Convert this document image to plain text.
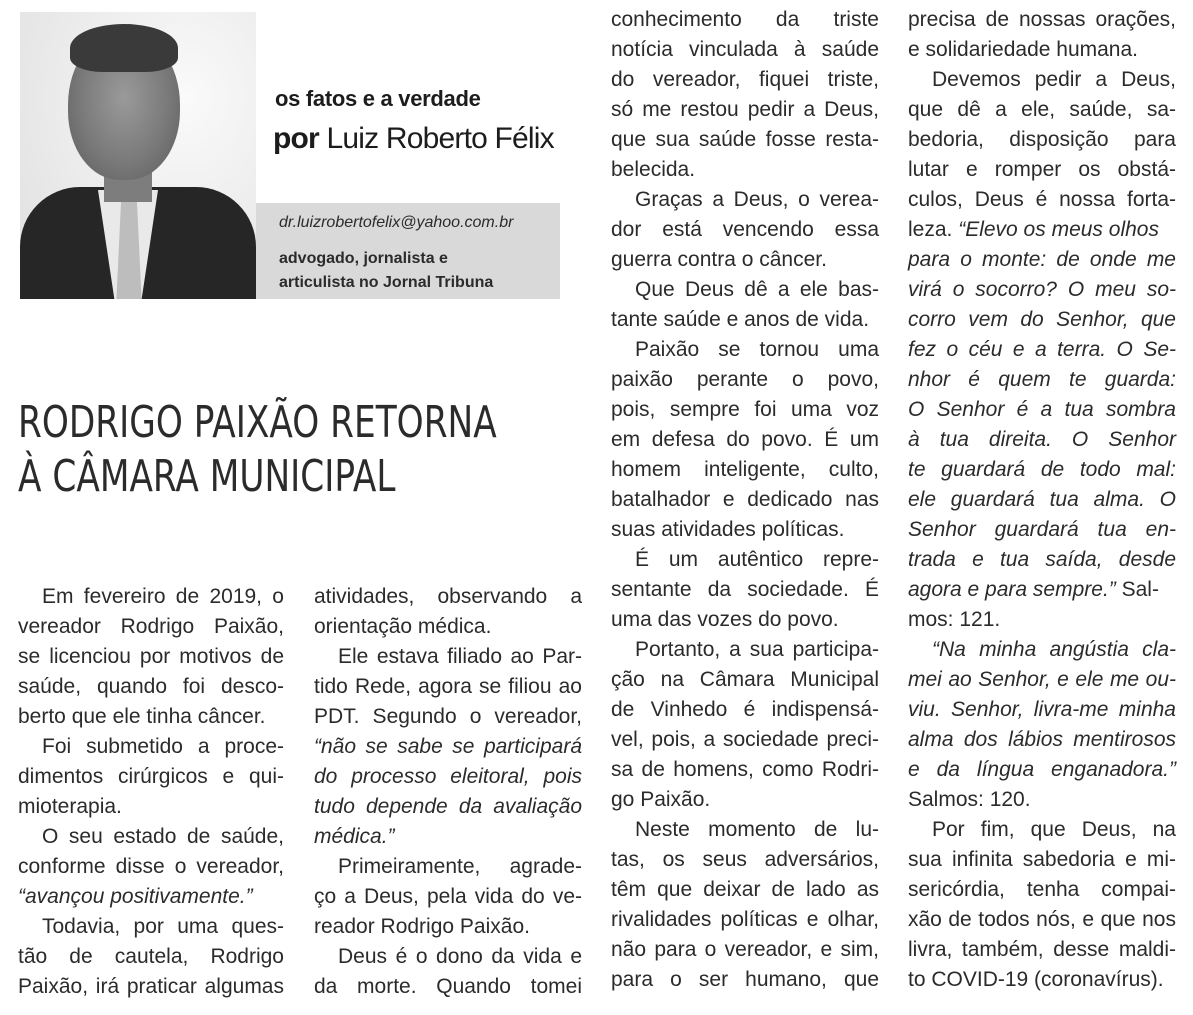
os fatos e a verdade
por Luiz Roberto Félix
dr.luizrobertofelix@yahoo.com.br
advogado, jornalista e
articulista no Jornal Tribuna
RODRIGO PAIXÃO RETORNA
À CÂMARA MUNICIPAL
Em fevereiro de 2019, o
vereador Rodrigo Paixão,
se licenciou por motivos de
saúde, quando foi desco-
berto que ele tinha câncer.
Foi submetido a proce-
dimentos cirúrgicos e qui-
mioterapia.
O seu estado de saúde,
conforme disse o vereador,
“avançou positivamente.”
Todavia, por uma ques-
tão de cautela, Rodrigo
Paixão, irá praticar algumas
atividades, observando a
orientação médica.
Ele estava filiado ao Par-
tido Rede, agora se filiou ao
PDT. Segundo o vereador,
“não se sabe se participará
do processo eleitoral, pois
tudo depende da avaliação
médica.”
Primeiramente, agrade-
ço a Deus, pela vida do ve-
reador Rodrigo Paixão.
Deus é o dono da vida e
da morte. Quando tomei
conhecimento da triste
notícia vinculada à saúde
do vereador, fiquei triste,
só me restou pedir a Deus,
que sua saúde fosse resta-
belecida.
Graças a Deus, o verea-
dor está vencendo essa
guerra contra o câncer.
Que Deus dê a ele bas-
tante saúde e anos de vida.
Paixão se tornou uma
paixão perante o povo,
pois, sempre foi uma voz
em defesa do povo. É um
homem inteligente, culto,
batalhador e dedicado nas
suas atividades políticas.
É um autêntico repre-
sentante da sociedade. É
uma das vozes do povo.
Portanto, a sua participa-
ção na Câmara Municipal
de Vinhedo é indispensá-
vel, pois, a sociedade preci-
sa de homens, como Rodri-
go Paixão.
Neste momento de lu-
tas, os seus adversários,
têm que deixar de lado as
rivalidades políticas e olhar,
não para o vereador, e sim,
para o ser humano, que
precisa de nossas orações,
e solidariedade humana.
Devemos pedir a Deus,
que dê a ele, saúde, sa-
bedoria, disposição para
lutar e romper os obstá-
culos, Deus é nossa forta-
leza. “Elevo os meus olhos
para o monte: de onde me
virá o socorro? O meu so-
corro vem do Senhor, que
fez o céu e a terra. O Se-
nhor é quem te guarda:
O Senhor é a tua sombra
à tua direita. O Senhor
te guardará de todo mal:
ele guardará tua alma. O
Senhor guardará tua en-
trada e tua saída, desde
agora e para sempre.” Sal-
mos: 121.
“Na minha angústia cla-
mei ao Senhor, e ele me ou-
viu. Senhor, livra-me minha
alma dos lábios mentirosos
e da língua enganadora.”
Salmos: 120.
Por fim, que Deus, na
sua infinita sabedoria e mi-
sericórdia, tenha compai-
xão de todos nós, e que nos
livra, também, desse maldi-
to COVID-19 (coronavírus).
